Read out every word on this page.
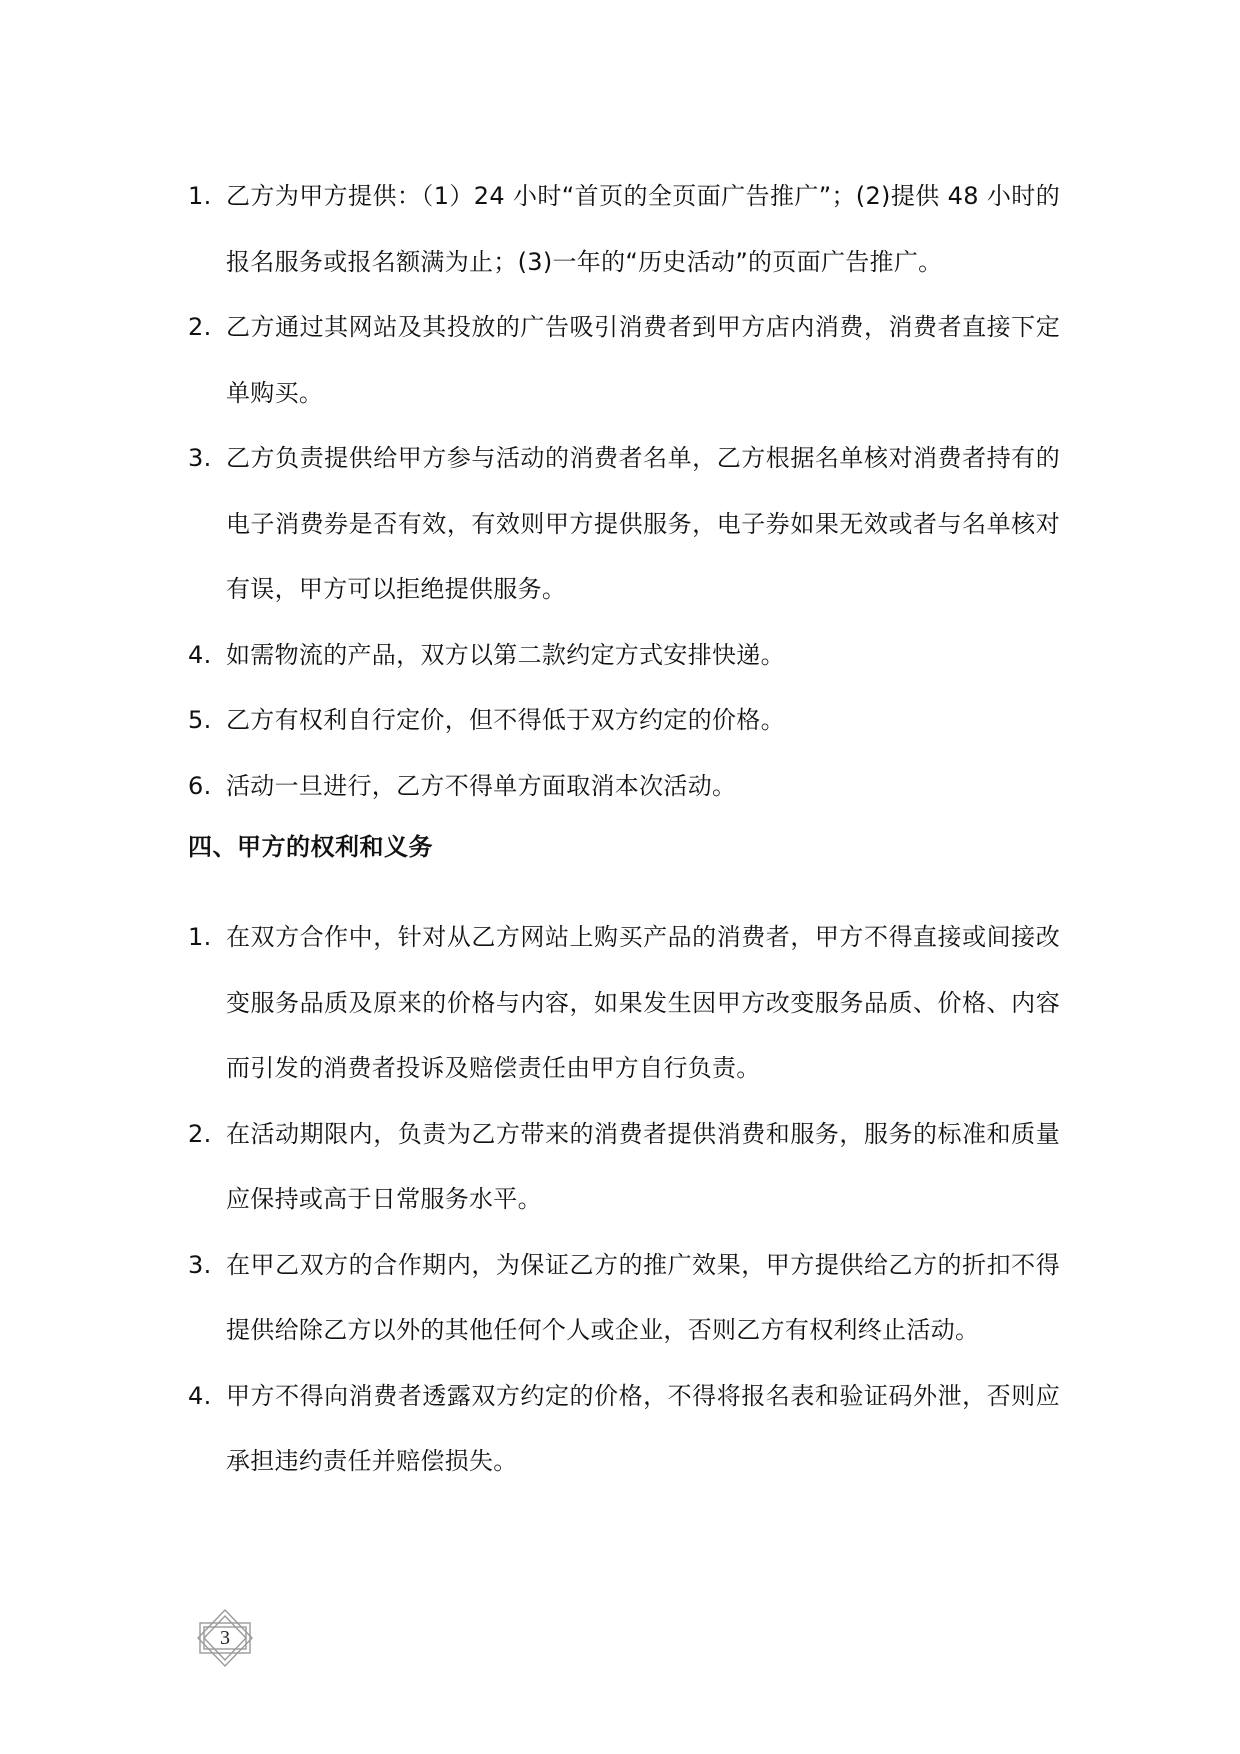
1. 乙方为甲方提供：（1）24 小时“首页的全页面广告推广”；(2)提供 48 小时的报名服务或报名额满为止；(3)一年的“历史活动”的页面广告推广。
2. 乙方通过其网站及其投放的广告吸引消费者到甲方店内消费，消费者直接下定单购买。
3. 乙方负责提供给甲方参与活动的消费者名单，乙方根据名单核对消费者持有的电子消费券是否有效，有效则甲方提供服务，电子券如果无效或者与名单核对有误，甲方可以拒绝提供服务。
4. 如需物流的产品，双方以第二款约定方式安排快递。
5. 乙方有权利自行定价，但不得低于双方约定的价格。
6. 活动一旦进行，乙方不得单方面取消本次活动。
四、甲方的权利和义务
1. 在双方合作中，针对从乙方网站上购买产品的消费者，甲方不得直接或间接改变服务品质及原来的价格与内容，如果发生因甲方改变服务品质、价格、内容而引发的消费者投诉及赔偿责任由甲方自行负责。
2. 在活动期限内，负责为乙方带来的消费者提供消费和服务，服务的标准和质量应保持或高于日常服务水平。
3. 在甲乙双方的合作期内，为保证乙方的推广效果，甲方提供给乙方的折扣不得提供给除乙方以外的其他任何个人或企业，否则乙方有权利终止活动。
4. 甲方不得向消费者透露双方约定的价格，不得将报名表和验证码外泄，否则应承担违约责任并赔偿损失。
3
